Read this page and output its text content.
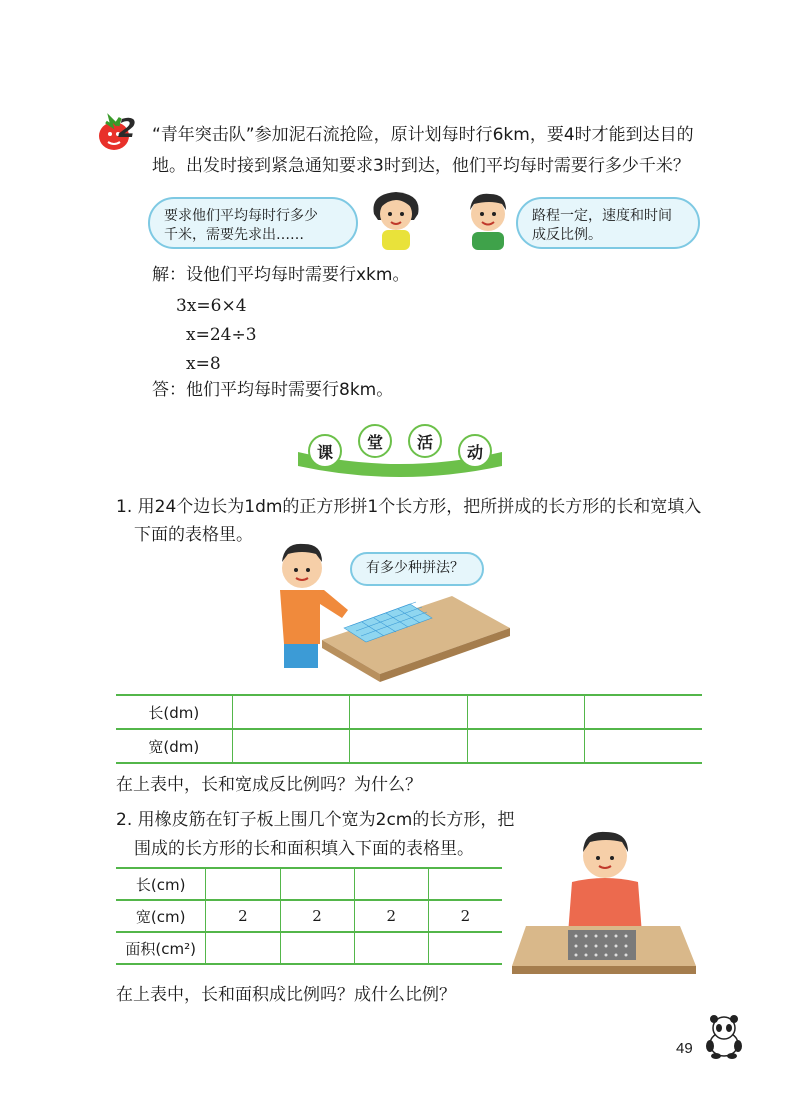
2 “青年突击队”参加泥石流抢险，原计划每时行6km，要4时才能到达目的
地。出发时接到紧急通知要求3时到达，他们平均每时需要行多少千米？
要求他们平均每时行多少
千米，需要先求出……
路程一定，速度和时间
成反比例。
解：设他们平均每时需要行xkm。
3x=6×4
x=24÷3
x=8
答：他们平均每时需要行8km。
课
堂	活
动
1. 用24个边长为1dm的正方形拼1个长方形，把所拼成的长方形的长和宽填入
下面的表格里。
有多少种拼法？
长(dm)				
宽(dm)				
在上表中，长和宽成反比例吗？为什么？
2. 用橡皮筋在钉子板上围几个宽为2cm的长方形，把
围成的长方形的长和面积填入下面的表格里。
长(cm)				
宽(cm)	2	2	2	2
面积(cm²)				
在上表中，长和面积成比例吗？成什么比例？
49
